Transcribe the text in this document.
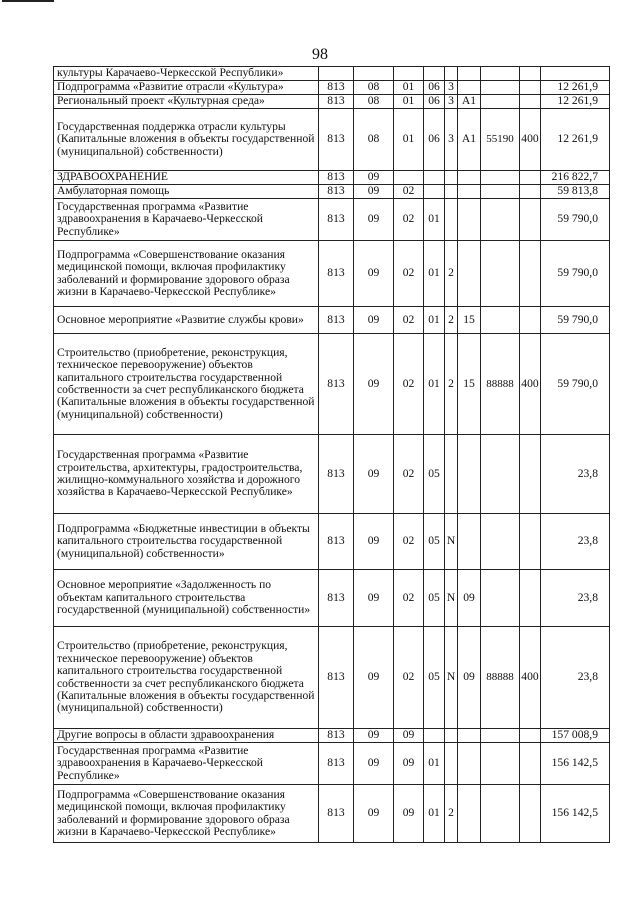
98
культуры Карачаево-Черкесской Республики»									
Подпрограмма «Развитие отрасли «Культура»	813	08	01	06	3				12 261,9
Региональный проект «Культурная среда»	813	08	01	06	3	A1			12 261,9
Государственная поддержка отрасли культуры (Капитальные вложения в объекты государственной (муниципальной) собственности)	813	08	01	06	3	A1	55190	400	12 261,9
ЗДРАВООХРАНЕНИЕ	813	09							216 822,7
Амбулаторная помощь	813	09	02						59 813,8
Государственная программа «Развитие здравоохранения в Карачаево-Черкесской Республике»	813	09	02	01					59 790,0
Подпрограмма «Совершенствование оказания медицинской помощи, включая профилактику заболеваний и формирование здорового образа жизни в Карачаево-Черкесской Республике»	813	09	02	01	2				59 790,0
Основное мероприятие «Развитие службы крови»	813	09	02	01	2	15			59 790,0
Строительство (приобретение, реконструкция, техническое перевооружение) объектов капитального строительства государственной собственности за счет республиканского бюджета (Капитальные вложения в объекты государственной (муниципальной) собственности)	813	09	02	01	2	15	88888	400	59 790,0
Государственная программа «Развитие строительства, архитектуры, градостроительства, жилищно-коммунального хозяйства и дорожного хозяйства в Карачаево-Черкесской Республике»	813	09	02	05					23,8
Подпрограмма «Бюджетные инвестиции в объекты капитального строительства государственной (муниципальной) собственности»	813	09	02	05	N				23,8
Основное мероприятие «Задолженность по объектам капитального строительства государственной (муниципальной) собственности»	813	09	02	05	N	09			23,8
Строительство (приобретение, реконструкция, техническое перевооружение) объектов капитального строительства государственной собственности за счет республиканского бюджета (Капитальные вложения в объекты государственной (муниципальной) собственности)	813	09	02	05	N	09	88888	400	23,8
Другие вопросы в области здравоохранения	813	09	09						157 008,9
Государственная программа «Развитие здравоохранения в Карачаево-Черкесской Республике»	813	09	09	01					156 142,5
Подпрограмма «Совершенствование оказания медицинской помощи, включая профилактику заболеваний и формирование здорового образа жизни в Карачаево-Черкесской Республике»	813	09	09	01	2				156 142,5
